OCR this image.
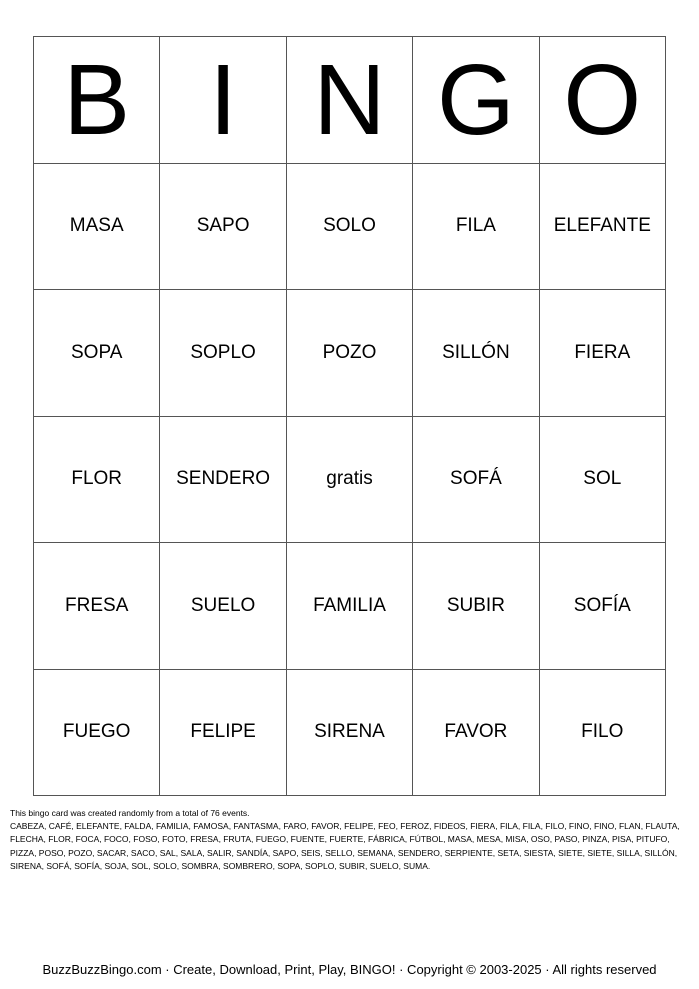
B I N G O
MASA	SAPO	SOLO	FILA	ELEFANTE
SOPA	SOPLO	POZO	SILLÓN	FIERA
FLOR	SENDERO	gratis	SOFÁ	SOL
FRESA	SUELO	FAMILIA	SUBIR	SOFÍA
FUEGO	FELIPE	SIRENA	FAVOR	FILO

This bingo card was created randomly from a total of 76 events.

CABEZA, CAFÉ, ELEFANTE, FALDA, FAMILIA, FAMOSA, FANTASMA, FARO, FAVOR, FELIPE, FEO, FEROZ, FIDEOS, FIERA, FILA, FILA, FILO, FINO, FINO, FLAN, FLAUTA, FLECHA, FLOR, FOCA, FOCO, FOSO, FOTO, FRESA, FRUTA, FUEGO, FUENTE, FUERTE, FÁBRICA, FÚTBOL, MASA, MESA, MISA, OSO, PASO, PINZA, PISA, PITUFO, PIZZA, POSO, POZO, SACAR, SACO, SAL, SALA, SALIR, SANDÍA, SAPO, SEIS, SELLO, SEMANA, SENDERO, SERPIENTE, SETA, SIESTA, SIETE, SIETE, SILLA, SILLÓN, SIRENA, SOFÁ, SOFÍA, SOJA, SOL, SOLO, SOMBRA, SOMBRERO, SOPA, SOPLO, SUBIR, SUELO, SUMA.

BuzzBuzzBingo.com · Create, Download, Print, Play, BINGO! · Copyright © 2003-2025 · All rights reserved
